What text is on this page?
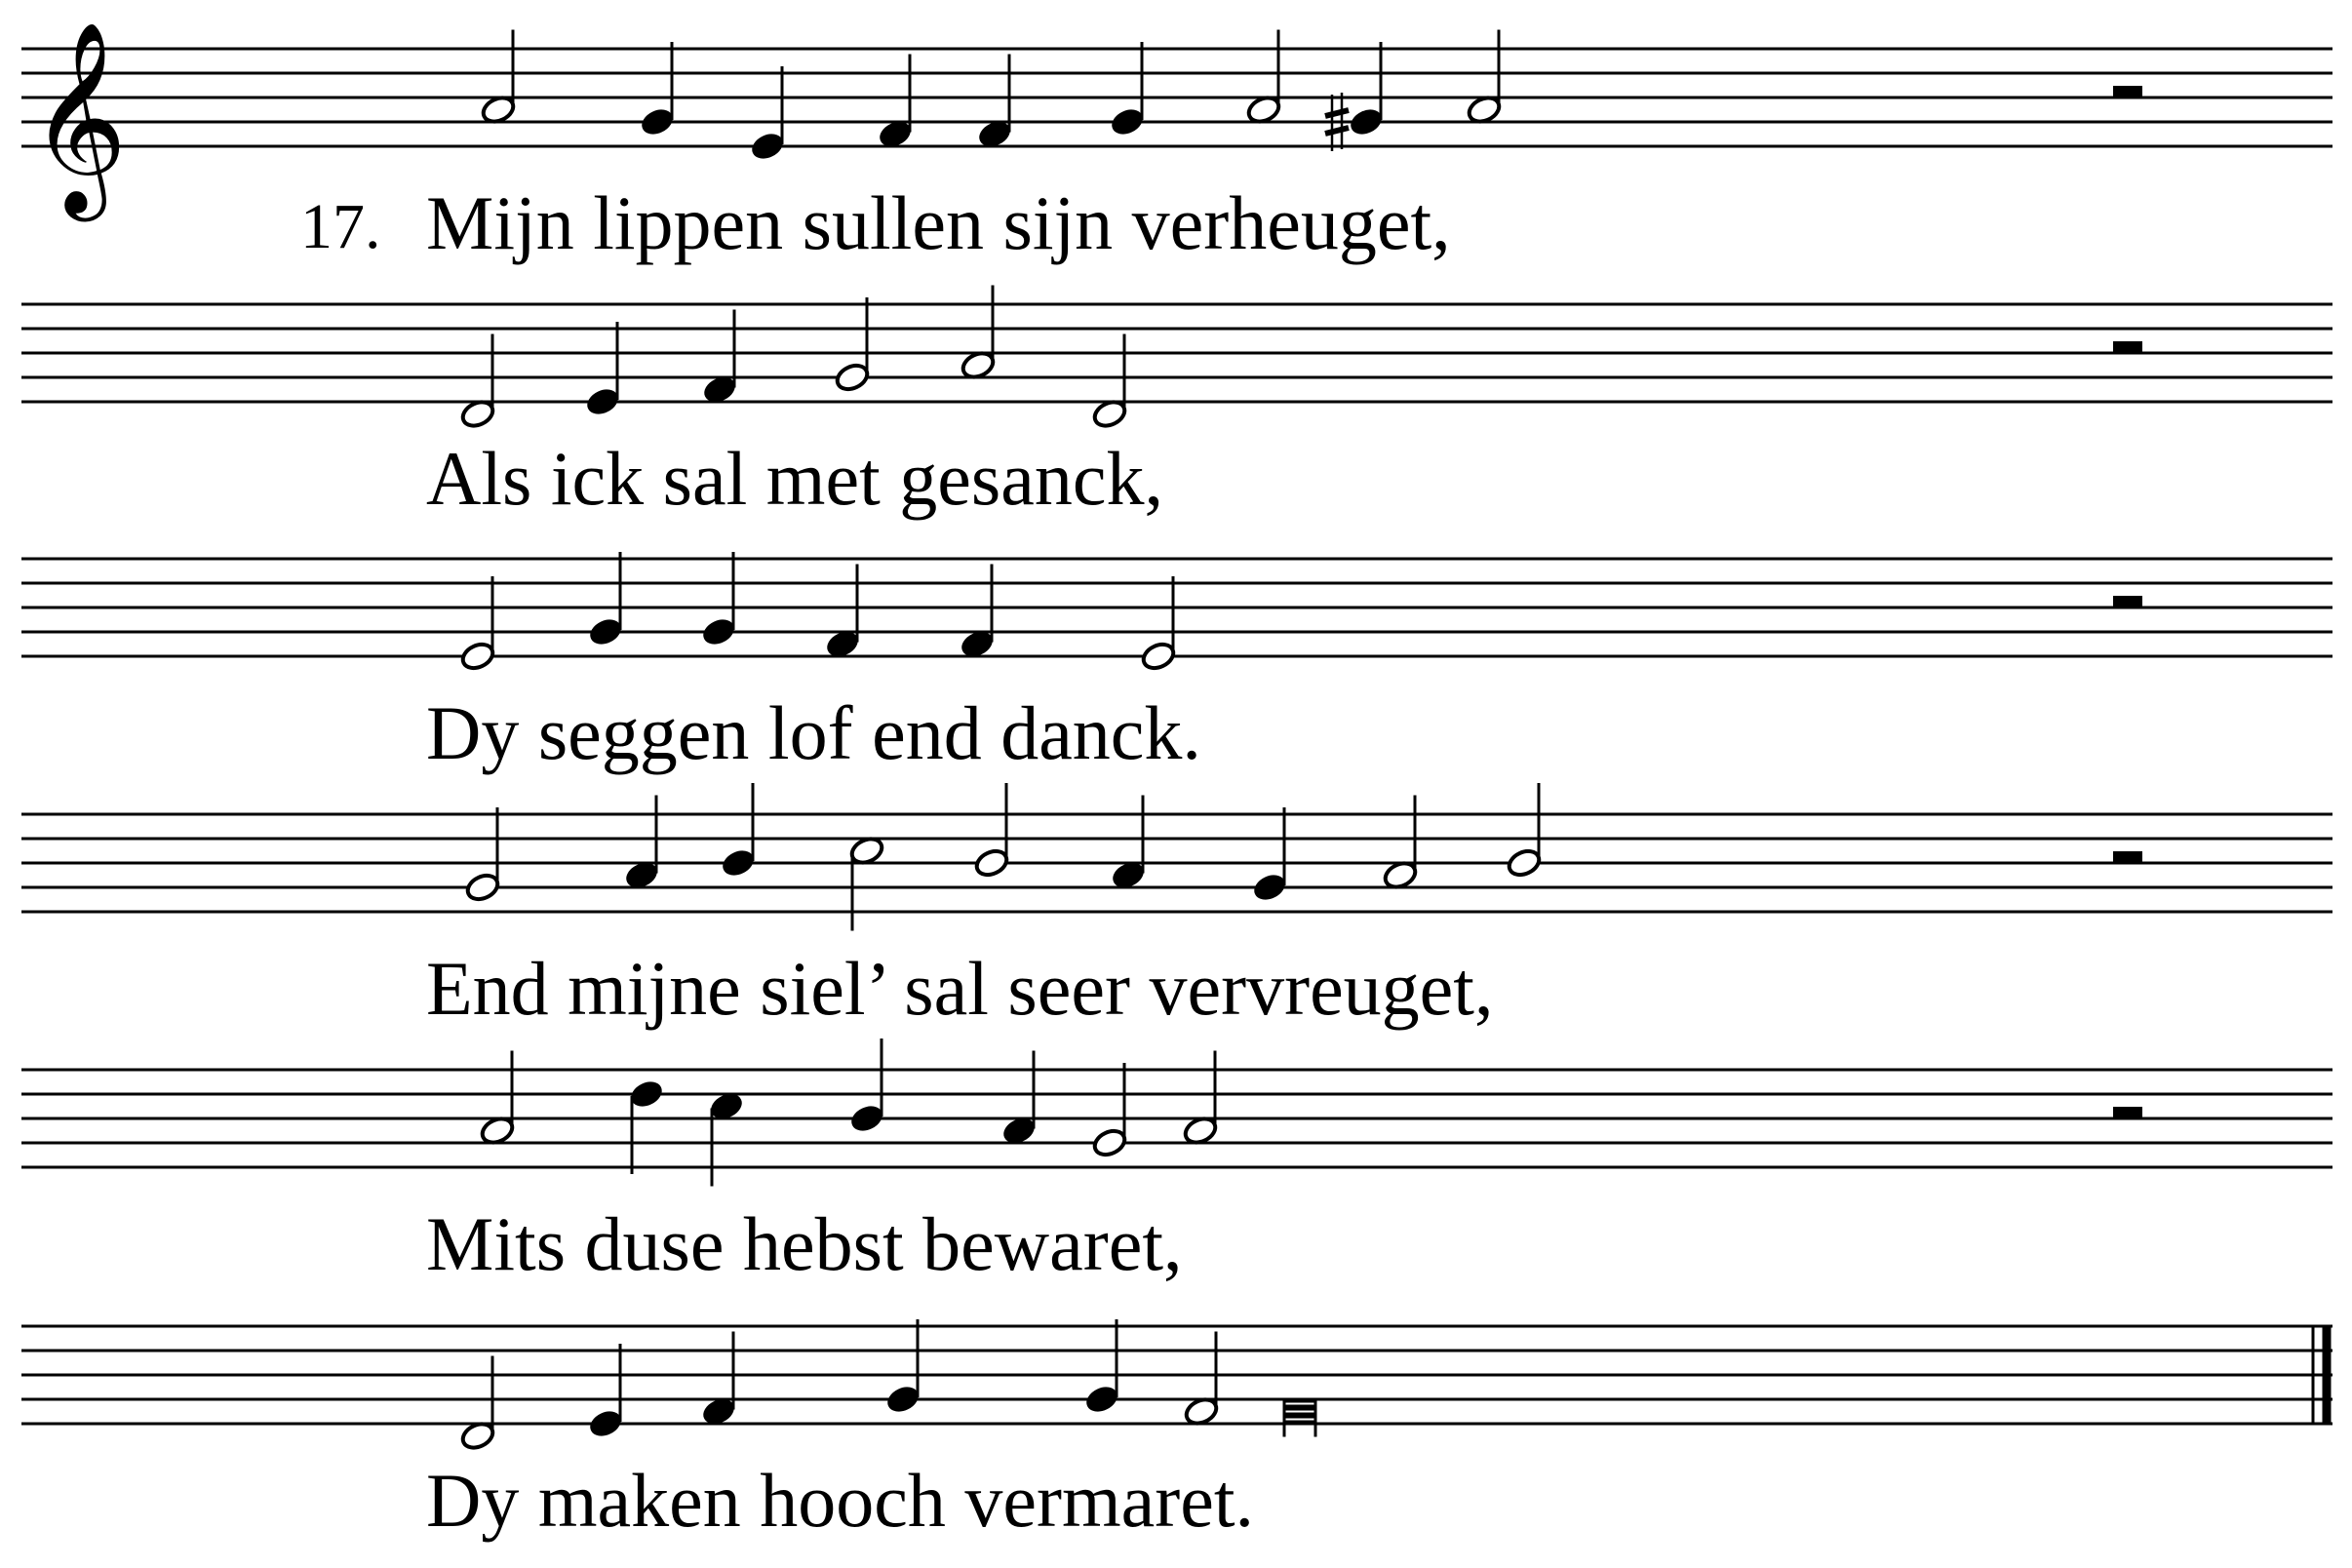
𝄞
Mijn lippen sullen sijn verheuget,
Als ick sal met gesanck,
Dy seggen lof end danck.
End mijne siel’ sal seer vervreuget,
Mits duse hebst bewaret,
Dy maken hooch vermaret.
17.
